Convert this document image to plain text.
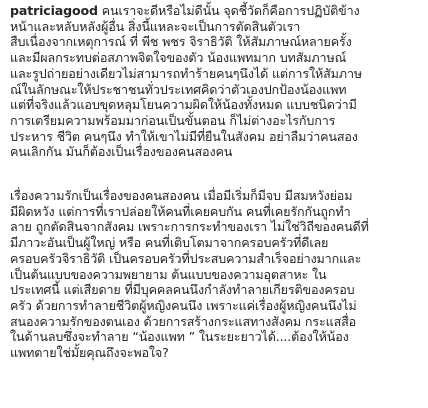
patriciagood คนเราจะดีหรือไม่ดีนั้น จุดชี้วัดก็คือการปฏิบัติข้าง
หน้าและหลับหลังผู้อื่น สิ่งนี้แหละจะเป็นการตัดสินตัวเรา
สืบเนื่องจากเหตุการณ์ ที่ พีช พชร จิราธิวัติ ให้สัมภาษณ์หลายครั้ง
และมีผลกระทบต่อสภาพจิตใจของตัว น้องแพทมาก บทสัมภาษณ์
และรูปถ่ายอย่างเดียวไม่สามารถทำร้ายคนๆนึงได้ แต่การให้สัมภาษ
ณ์ในลักษณะให้ประชาชนทั่วประเทศคิดว่าตัวเองปกป้องน้องแพท
แต่ที่จริงแล้วแอบขุดหลุมโยนความผิดให้น้องทั้งหมด แบบชนิดว่ามี
การเตรียมความพร้อมมาก่อนเป็นขั้นตอน ก็ไม่ต่างอะไรกับการ
ประหาร ชีวิต คนๆนึง ทำให้เขาไม่มีที่ยืนในสังคม อย่าลืมว่าคนสอง
คนเลิกกัน มันก็ต้องเป็นเรื่องของคนสองคน
เรื่องความรักเป็นเรื่องของคนสองคน เมื่อมีเริ่มก็มีจบ มีสมหวังย่อม
มีผิดหวัง แต่การที่เราปล่อยให้คนที่เคยคบกัน คนที่เคยรักกันถูกทำ
ลาย ถูกตัดสินจากสังคม เพราะการกระทำของเรา ไม่ใช่วิถีของคนดีที่
มีภาวะอันเป็นผู้ใหญ่ หรือ คนที่เติบโตมาจากครอบครัวที่ดีเลย
ครอบครัวจิราธิวัติ เป็นครอบครัวที่ประสบความสำเร็จอย่างมากและ
เป็นต้นแบบของความพยายาม ต้นแบบของความอุตสาหะ ใน
ประเทศนี้ แต่เสียดาย ที่มีบุคคลคนนึงกำลังทำลายเกียรติของครอบ
ครัว ด้วยการทำลายชีวิตผู้หญิงคนนึง เพราะแค่เรื่องผู้หญิงคนนึงไม่
สนองความรักของตนเอง ด้วยการสร้างกระแสทางสังคม กระแสสื่อ
ในด้านลบซึ่งจะทำลาย “น้องแพท ” ในระยะยาวได้....ต้องให้น้อง
แพทตายใช่มั้ยคุณถึงจะพอใจ?
